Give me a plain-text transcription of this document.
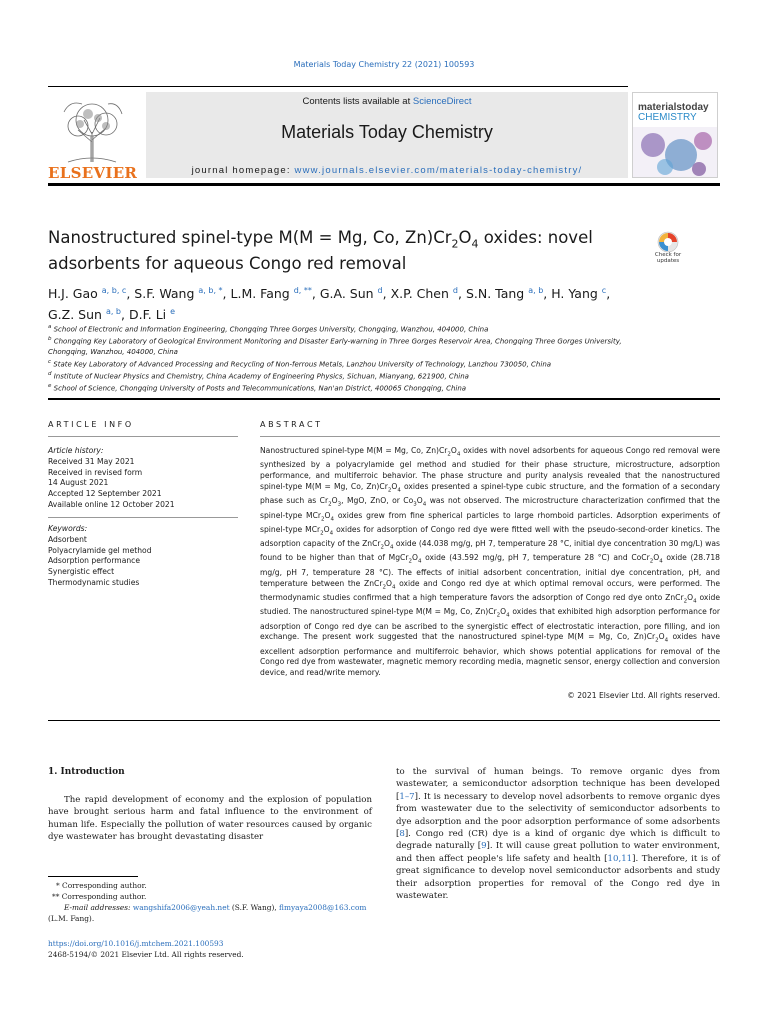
Materials Today Chemistry 22 (2021) 100593
ELSEVIER
Contents lists available at ScienceDirect
Materials Today Chemistry
journal homepage: www.journals.elsevier.com/materials-today-chemistry/
materialstoday
CHEMISTRY
Nanostructured spinel-type M(M = Mg, Co, $Zn)Cr_2O_4$ oxides: novel adsorbents for aqueous Congo red removal	Check for updates
H.J. Gao $^{a, b, c}$, S.F. Wang $^{a, b, *}$, L.M. Fang $^{d, **}$, G.A. Sun $^d$, X.P. Chen $^d$, S.N. Tang $^{a, b}$, H. Yang $^c$,
G.Z. Sun $^{a, b}$, D.F. Li $^e$
$^a$ School of Electronic and Information Engineering, Chongqing Three Gorges University, Chongqing, Wanzhou, 404000, China
$^b$ Chongqing Key Laboratory of Geological Environment Monitoring and Disaster Early-warning in Three Gorges Reservoir Area, Chongqing Three Gorges University, Chongqing, Wanzhou, 404000, China
$^c$ State Key Laboratory of Advanced Processing and Recycling of Non-ferrous Metals, Lanzhou University of Technology, Lanzhou 730050, China
$^d$ Institute of Nuclear Physics and Chemistry, China Academy of Engineering Physics, Sichuan, Mianyang, 621900, China
$^e$ School of Science, Chongqing University of Posts and Telecommunications, Nan'an District, 400065 Chongqing, China
ARTICLE INFO
Article history:
Received 31 May 2021
Received in revised form
14 August 2021
Accepted 12 September 2021
Available online 12 October 2021
Keywords:
Adsorbent
Polyacrylamide gel method
Adsorption performance
Synergistic effect
Thermodynamic studies
ABSTRACT
Nanostructured spinel-type M(M = Mg, Co, $Zn)Cr_2O_4$ oxides with novel adsorbents for aqueous Congo red removal were synthesized by a polyacrylamide gel method and studied for their phase structure, microstructure, adsorption performance, and multiferroic behavior. The phase structure and purity analysis revealed that the nanostructured spinel-type M(M = Mg, Co, $Zn)Cr_2O_4$ oxides presented a spinel-type cubic structure, and the formation of a secondary phase such as $Cr_2O_3$, MgO, ZnO, or $Co_3O_4$ was not observed. The microstructure characterization confirmed that the spinel-type $MCr_2O_4$ oxides grew from fine spherical particles to large rhomboid particles. Adsorption experiments of spinel-type $MCr_2O_4$ oxides for adsorption of Congo red dye were fitted well with the pseudo-second-order kinetics. The adsorption capacity of the $ZnCr_2O_4$ oxide (44.038 mg/g, pH 7, temperature 28 °C, initial dye concentration 30 mg/L) was found to be higher than that of $MgCr_2O_4$ oxide (43.592 mg/g, pH 7, temperature 28 °C) and $CoCr_2O_4$ oxide (28.718 mg/g, pH 7, temperature 28 °C). The effects of initial adsorbent concentration, initial dye concentration, pH, and temperature between the $ZnCr_2O_4$ oxide and Congo red dye at which optimal removal occurs, were performed. The thermodynamic studies confirmed that a high temperature favors the adsorption of Congo red dye onto $ZnCr_2O_4$ oxide studied. The nanostructured spinel-type M(M = Mg, Co, $Zn)Cr_2O_4$ oxides that exhibited high adsorption performance for adsorption of Congo red dye can be ascribed to the synergistic effect of electrostatic interaction, pore filling, and ion exchange. The present work suggested that the nanostructured spinel-type M(M = Mg, Co, $Zn)Cr_2O_4$ oxides have excellent adsorption performance and multiferroic behavior, which shows potential applications for removal of the Congo red dye from wastewater, magnetic memory recording media, magnetic sensor, energy collection and conversion device, and read/write memory.
© 2021 Elsevier Ltd. All rights reserved.
1. Introduction
The rapid development of economy and the explosion of population have brought serious harm and fatal influence to the environment of human life. Especially the pollution of water resources caused by organic dye wastewater has brought devastating disaster
to the survival of human beings. To remove organic dyes from wastewater, a semiconductor adsorption technique has been developed [1–7]. It is necessary to develop novel adsorbents to remove organic dyes from wastewater due to the selectivity of semiconductor adsorbents to dye adsorption and the poor adsorption performance of some adsorbents [8]. Congo red (CR) dye is a kind of organic dye which is difficult to degrade naturally [9]. It will cause great pollution to water environment, and then affect people's life safety and health [10,11]. Therefore, it is of great significance to develop novel semiconductor adsorbents and study their adsorption properties for removal of the Congo red dye in wastewater.
* Corresponding author.
** Corresponding author.
E-mail addresses: wangshifa2006@yeah.net (S.F. Wang), flmyaya2008@163.com
(L.M. Fang).
https://doi.org/10.1016/j.mtchem.2021.100593
2468-5194/© 2021 Elsevier Ltd. All rights reserved.
